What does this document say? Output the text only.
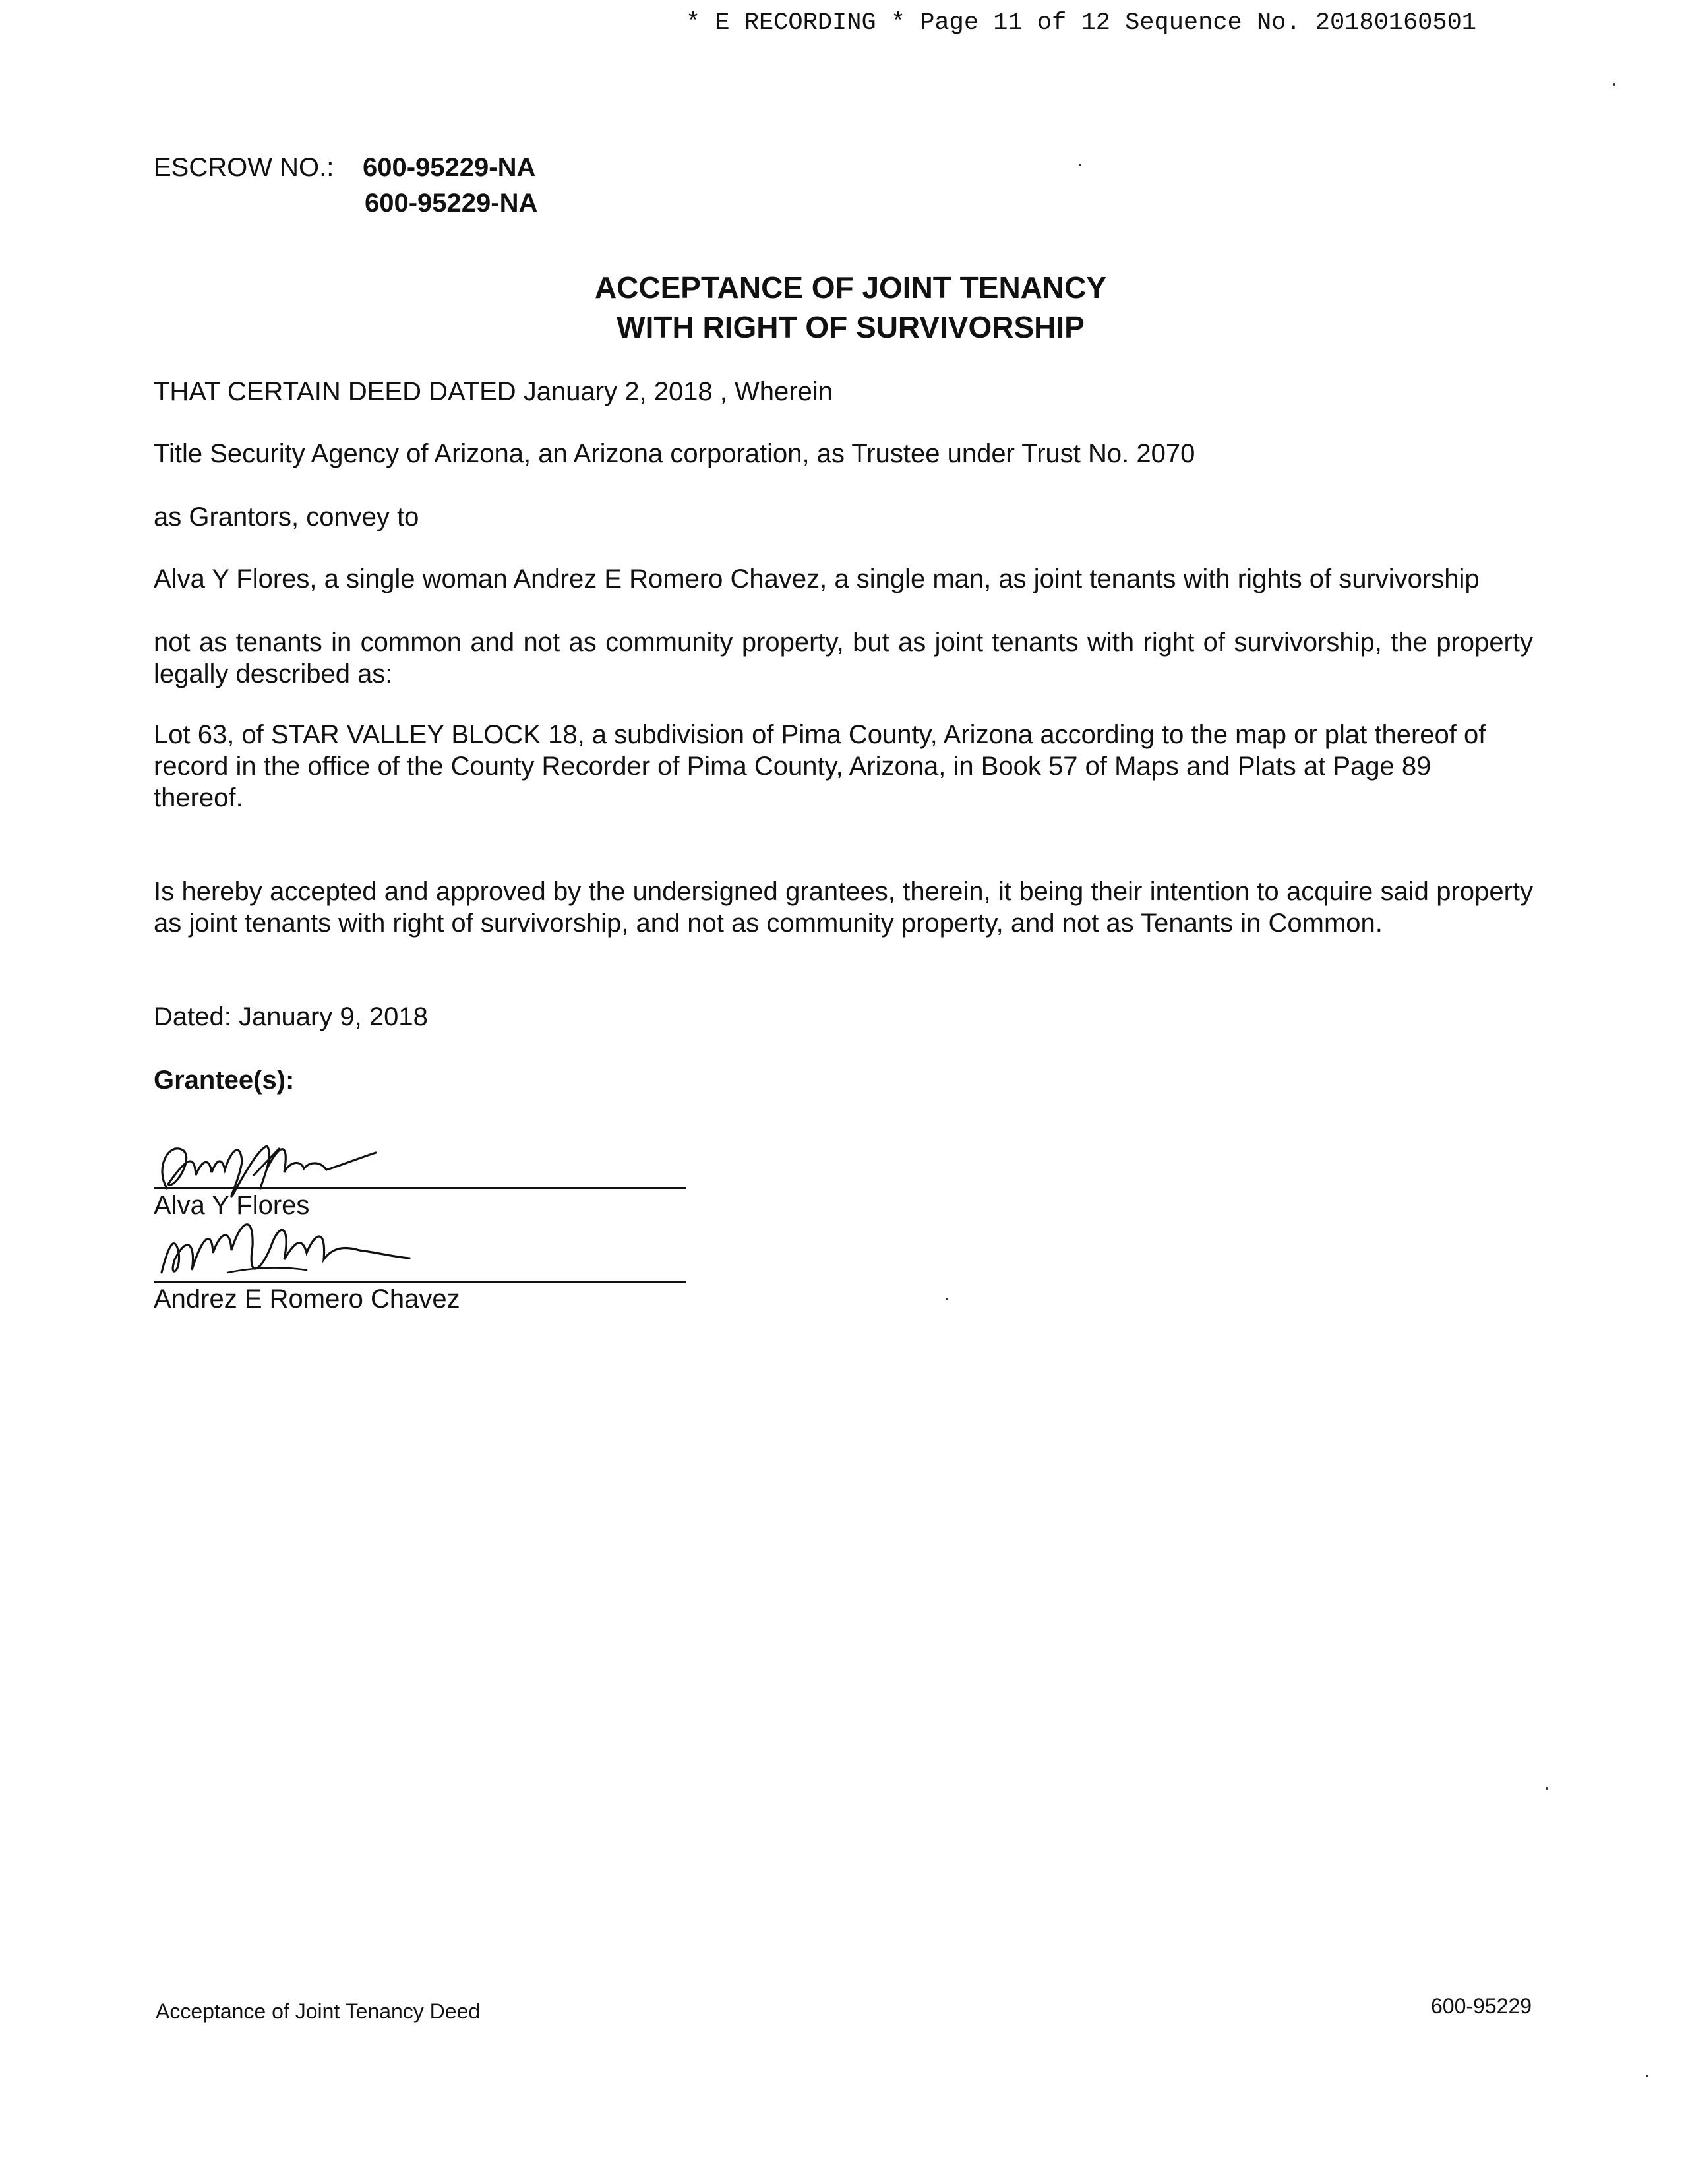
* E RECORDING * Page 11 of 12 Sequence No. 20180160501
ESCROW NO.: 600-95229-NA
600-95229-NA
ACCEPTANCE OF JOINT TENANCY
WITH RIGHT OF SURVIVORSHIP
THAT CERTAIN DEED DATED January 2, 2018 , Wherein
Title Security Agency of Arizona, an Arizona corporation, as Trustee under Trust No. 2070
as Grantors, convey to
Alva Y Flores, a single woman Andrez E Romero Chavez, a single man, as joint tenants with rights of survivorship
not as tenants in common and not as community property, but as joint tenants with right of survivorship, the property legally described as:
Lot 63, of STAR VALLEY BLOCK 18, a subdivision of Pima County, Arizona according to the map or plat thereof of record in the office of the County Recorder of Pima County, Arizona, in Book 57 of Maps and Plats at Page 89 thereof.
Is hereby accepted and approved by the undersigned grantees, therein, it being their intention to acquire said property as joint tenants with right of survivorship, and not as community property, and not as Tenants in Common.
Dated: January 9, 2018
Grantee(s):
Alva Y Flores
Andrez E Romero Chavez
Acceptance of Joint Tenancy Deed	600-95229
